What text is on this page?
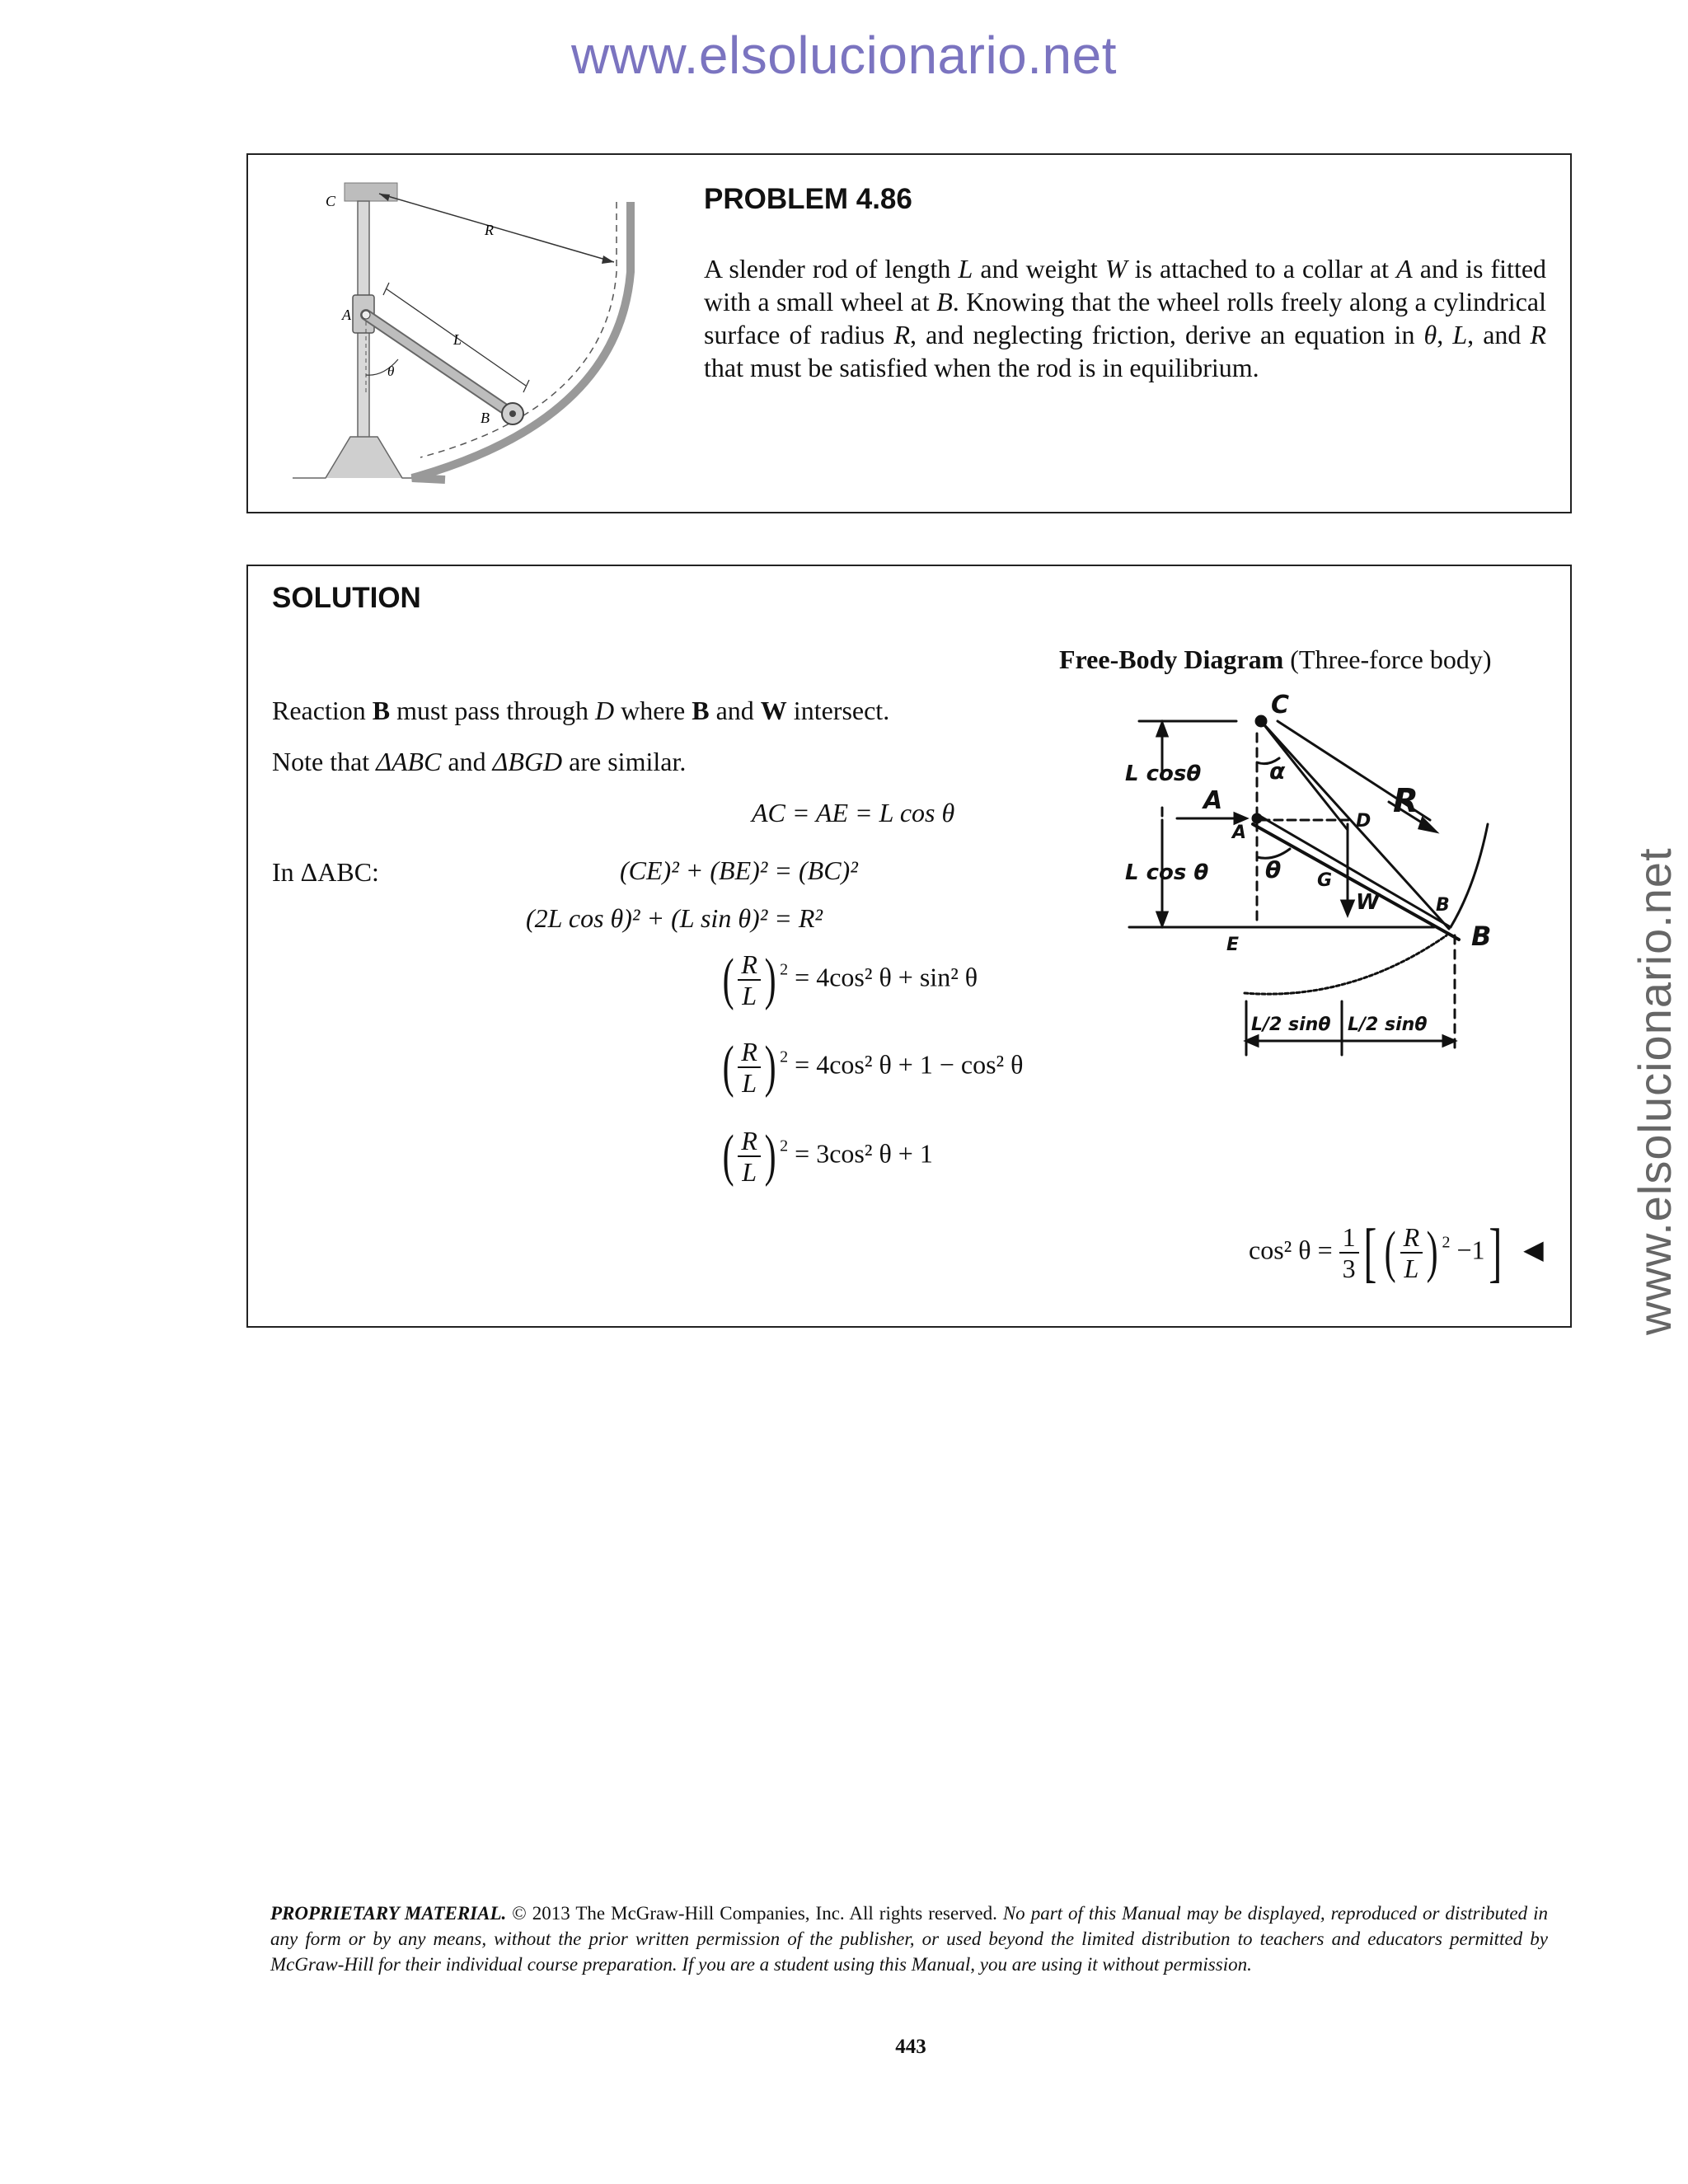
www.elsolucionario.net
www.elsolucionario.net
C
R
A
L
θ
B
PROBLEM 4.86
A slender rod of length L and weight W is attached to a collar at A and is fitted with a small wheel at B. Knowing that the wheel rolls freely along a cylindrical surface of radius R, and neglecting friction, derive an equation in θ, L, and R that must be satisfied when the rod is in equilibrium.
SOLUTION
Free-Body Diagram (Three-force body)
Reaction B must pass through D where B and W intersect.
Note that ΔABC and ΔBGD are similar.
AC = AE = L cos θ
In ΔABC:	(CE)² + (BE)² = (BC)²
(2L cos θ)² + (L sin θ)² = R²
( $\frac{R}{L}$ ) $^2$ = 4cos² θ + sin² θ
( $\frac{R}{L}$ ) $^2$ = 4cos² θ + 1 − cos² θ
( $\frac{R}{L}$ ) $^2$ = 3cos² θ + 1
cos² $\theta = \frac{1}{3}$ [ ( $\frac{R}{L}$ ) $^2$ −1] ◀
C
L cosθ	α
A
A
D
R
L cos θ θ G
W	B
B
E
L/2 sinθ L/2 sinθ
PROPRIETARY MATERIAL. © 2013 The McGraw-Hill Companies, Inc. All rights reserved. No part of this Manual may be displayed, reproduced or distributed in any form or by any means, without the prior written permission of the publisher, or used beyond the limited distribution to teachers and educators permitted by McGraw-Hill for their individual course preparation. If you are a student using this Manual, you are using it without permission.
443
